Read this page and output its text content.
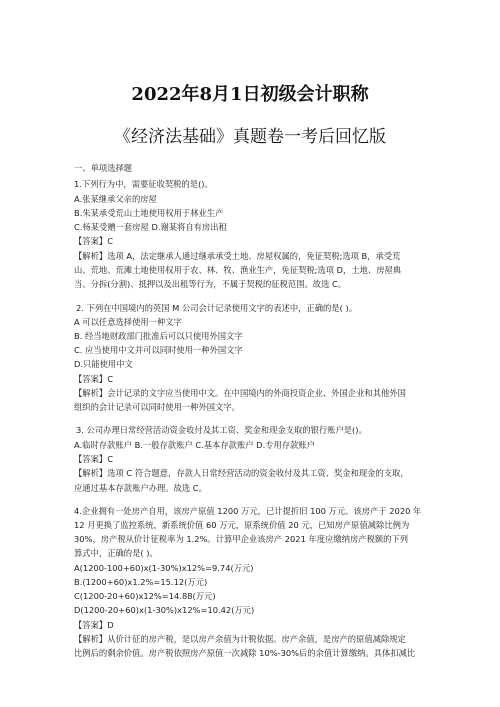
2022年8月1日初级会计职称
《经济法基础》真题卷一考后回忆版
一、单项选择题
1.下列行为中，需要征收契税的是()。
A.张某继承父亲的房屋
B.朱某承受荒山土地使用权用于林业生产
C.杨某受赠一套房屋 D.谢某将自有房出租
【答案】C
【解析】选项 A，法定继承人通过继承承受土地、房屋权属的，免征契税;选项 B，承受荒
山、荒地、荒滩土地使用权用于农、林、牧、渔业生产，免征契税;选项 D，土地、房屋典
当、分拆(分割)、抵押以及出租等行为，不属于契税的征税范围。故选 C。
2. 下列在中国境内的英国 M 公司会计记录使用文字的表述中，正确的是( )。
A 可以任意选择使用一种文字
B. 经当地财政部门批准后可以只使用外国文字
C. 应当使用中文并可以同时使用一种外国文字
D.只能使用中文
【答案】C
【解析】会计记录的文字应当使用中文。在中国境内的外商投资企业、外国企业和其他外国
组织的会计记录可以同时使用一种外国文字。
3. 公司办理日常经营活动资金收付及其工资、奖金和现金支取的银行账户是()。
A.临时存款账户 B.一般存款账户 C.基本存款账户 D.专用存款账户
【答案】C
【解析】选项 C 符合题意，存款人日常经营活动的资金收付及其工资、奖金和现金的支取，
应通过基本存款账户办理。故选 C。
4.企业拥有一处房产自用，该房产原值 1200 万元，已计提折旧 100 万元。该房产于 2020 年
12 月更换了监控系统，新系统价值 60 万元，原系统价值 20 元，已知房产原值减除比例为
30%，房产税从价计征税率为 1.2%。计算甲企业该房产 2021 年度应缴纳房产税额的下列
算式中，正确的是( )。
A(1200-100+60)x(1-30%)x12%=9.74(万元)
B.(1200+60)x1.2%=15.12(万元)
C(1200-20+60)x12%=14.88(万元)
D(1200-20+60)x(1-30%)x12%=10.42(万元)
【答案】D
【解析】从价计征的房产税，是以房产余值为计税依据。房产余值，是房产的原值减除规定
比例后的剩余价值。房产税依照房产原值一次减除 10%-30%后的余值计算缴纳。具体扣减比
